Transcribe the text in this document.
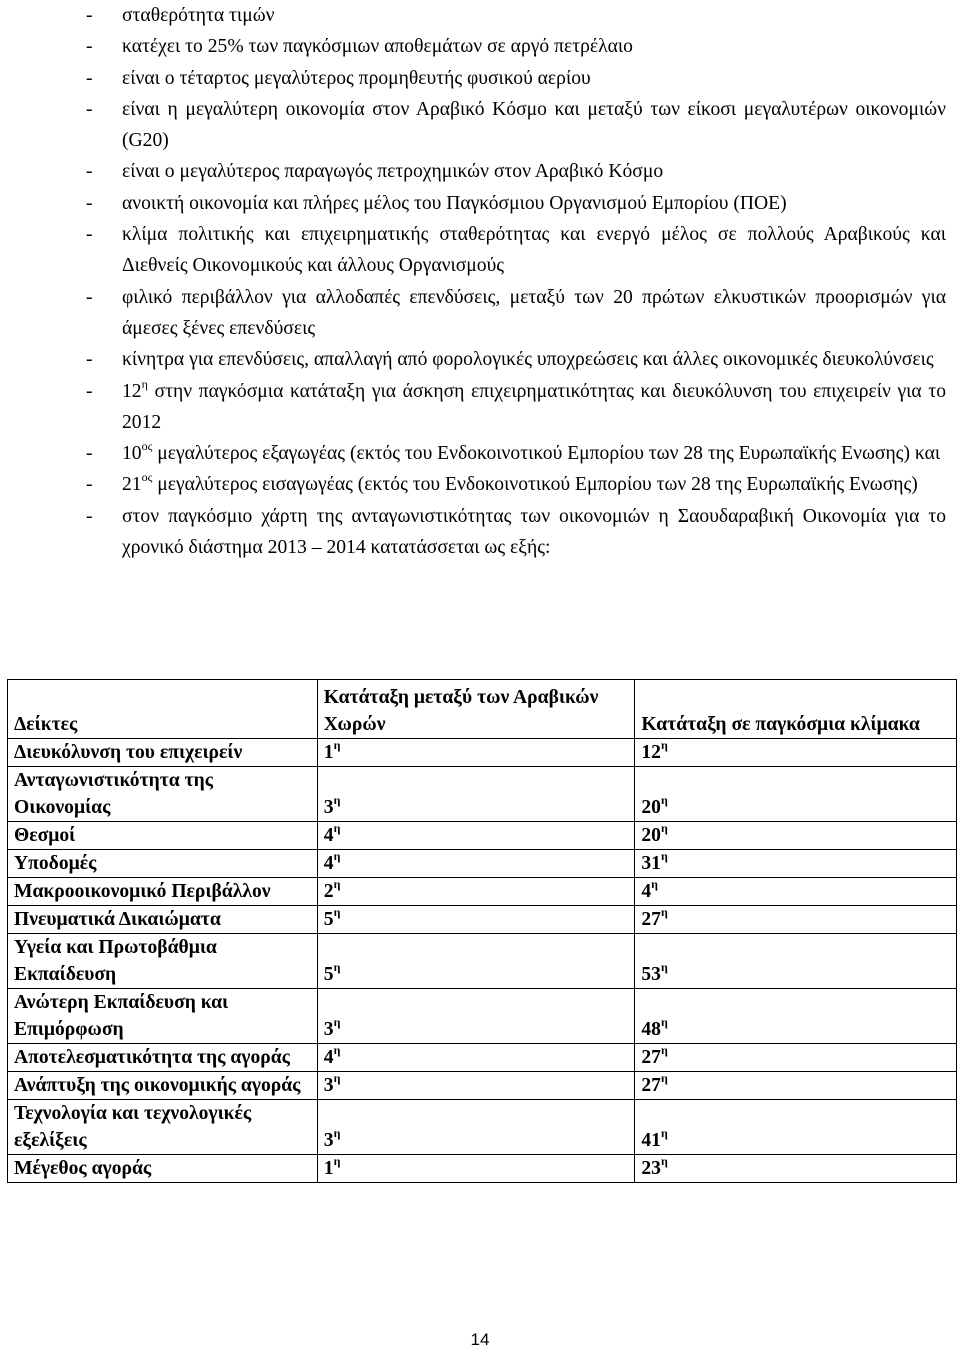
- σταθερότητα τιμών
- κατέχει το 25% των παγκόσμιων αποθεμάτων σε αργό πετρέλαιο
- είναι ο τέταρτος μεγαλύτερος προμηθευτής φυσικού αερίου
- είναι η μεγαλύτερη οικονομία στον Αραβικό Κόσμο και μεταξύ των είκοσι μεγαλυτέρων οικονομιών (G20)
- είναι ο μεγαλύτερος παραγωγός πετροχημικών στον Αραβικό Κόσμο
- ανοικτή οικονομία και πλήρες μέλος του Παγκόσμιου Οργανισμού Εμπορίου (ΠΟΕ)
- κλίμα πολιτικής και επιχειρηματικής σταθερότητας και ενεργό μέλος σε πολλούς Αραβικούς και Διεθνείς Οικονομικούς και άλλους Οργανισμούς
- φιλικό περιβάλλον για αλλοδαπές επενδύσεις, μεταξύ των 20 πρώτων ελκυστικών προορισμών για άμεσες ξένες επενδύσεις
- κίνητρα για επενδύσεις, απαλλαγή από φορολογικές υποχρεώσεις και άλλες οικονομικές διευκολύνσεις
- $12^\eta$ στην παγκόσμια κατάταξη για άσκηση επιχειρηματικότητας και διευκόλυνση του επιχειρείν για το 2012
- $10^{o\varsigma}$ μεγαλύτερος εξαγωγέας (εκτός του Ενδοκοινοτικού Εμπορίου των 28 της Ευρωπαϊκής Ενωσης) και
- $21^{o\varsigma}$ μεγαλύτερος εισαγωγέας (εκτός του Ενδοκοινοτικού Εμπορίου των 28 της Ευρωπαϊκής Ενωσης)
- στον παγκόσμιο χάρτη της ανταγωνιστικότητας των οικονομιών η Σαουδαραβική Οικονομία για το χρονικό διάστημα 2013 – 2014 κατατάσσεται ως εξής:
Δείκτες	Κατάταξη μεταξύ των Αραβικών Χωρών	Κατάταξη σε παγκόσμια κλίμακα
Διευκόλυνση του επιχειρείν	$1^\eta$	$12^\eta$
Ανταγωνιστικότητα της Οικονομίας	$3^\eta$	$20^\eta$
Θεσμοί	$4^\eta$	$20^\eta$
Υποδομές	$4^\eta$	$31^\eta$
Μακροοικονομικό Περιβάλλον	$2^\eta$	$4^\eta$
Πνευματικά Δικαιώματα	$5^\eta$	$27^\eta$
Υγεία και Πρωτοβάθμια Εκπαίδευση	$5^\eta$	$53^\eta$
Ανώτερη Εκπαίδευση και Επιμόρφωση	$3^\eta$	$48^\eta$
Αποτελεσματικότητα της αγοράς	$4^\eta$	$27^\eta$
Ανάπτυξη της οικονομικής αγοράς	$3^\eta$	$27^\eta$
Τεχνολογία και τεχνολογικές εξελίξεις	$3^\eta$	$41^\eta$
Μέγεθος αγοράς	$1^\eta$	$23^\eta$
14
